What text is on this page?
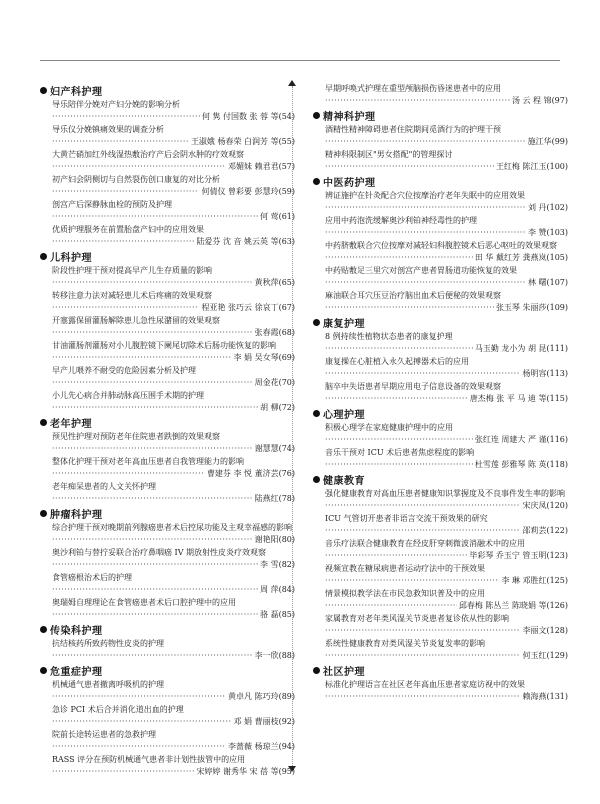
妇产科护理
导乐陪伴分娩对产妇分娩的影响分析
·····
何 隽 付国数 张 蓉 等(54)
导乐仪分娩镇痛效果的调查分析
·····
王淑娥 杨春荣 白润芳 等(55)
大黄芒硝加红外线湿热敷治疗产后会阴水肿的疗效观察
·····
邓媚妹 赖君君(57)
初产妇会阴侧切与自然裂伤创口康复的对比分析
·····
何倩仪 曾彩要 彭慧玲(59)
剖宫产后深静脉血栓的预防及护理
·····
何 莺(61)
优质护理服务在前置胎盘产妇中的应用效果
·····
陆爱芬 沈 音 姚云英 等(63)
儿科护理
阶段性护理干预对提高早产儿生存质量的影响
·····
黄秋萍(65)
转移注意力法对减轻患儿术后疼痛的效果观察
·····
程亚艳 张巧云 徐哀丁(67)
开塞露保留灌肠解除患儿急性尿潴留的效果观察
·····
张春霞(68)
甘油灌肠剂灌肠对小儿腹腔镜下阑尾切除术后肠功能恢复的影响
·····
李 娟 吴女琴(69)
早产儿喂养不耐受的危险因素分析及护理
·····
周金花(70)
小儿先心病合并肺动脉高压围手术期的护理
·····
胡 柳(72)
老年护理
预见性护理对预防老年住院患者跌倒的效果观察
·····
谢慧慧(74)
整体化护理干预对老年高血压患者自我管理能力的影响
·····
曹建芬 李 悦 董济芸(76)
老年痴呆患者的人文关怀护理
·····
陆燕红(78)
肿瘤科护理
综合护理干预对晚期前列腺癌患者术后控尿功能及主观幸福感的影响
·····
谢艳阳(80)
奥沙利铂与替拧妥联合治疗鼻咽癌 IV 期放射性皮炎疗效观察
·····
李 雪(82)
食管癌根治术后的护理
·····
周 萍(84)
奥瑞姆自理理论在食管癌患者术后口腔护理中的应用
·····
骆 磊(85)
传染科护理
抗结核药所致药物性皮炎的护理
·····
李一欣(88)
危重症护理
机械通气患者撤离呼吸机的护理
·····
黄卓凡 陈巧玲(89)
急诊 PCI 术后合并消化道出血的护理
·····
邓 娟 曹丽枝(92)
院前长途转运患者的急救护理
·····
李蔷薇 杨琼兰(94)
RASS 评分在预防机械通气患者非计划性拔管中的应用
·····
宋婷婷 谢秀华 宋 蓓 等(95)
早期呼唤式护理在重型颅脑损伤昏迷患者中的应用
·····
汤 云 程 锦(97)
精神科护理
酒精性精神障碍患者住院期间觅酒行为的护理干预
·····
施江华(99)
精神科限制区"男女搭配"的管理探讨
·····
王红梅 陈江玉(100)
中医药护理
辨证施护在针灸配合穴位按摩治疗老年失眠中的应用效果
·····
刘 丹(102)
应用中药泡洗缓解奥沙利铂神经毒性的护理
·····
李 赞(103)
中药脐敷联合穴位按摩对减轻妇科腹腔镜术后恶心呕吐的效果观察
·····
田 华 戴红芳 龚燕岚(105)
中药贴敷足三里穴对剖宫产患者胃肠道功能恢复的效果
·····
林 曙(107)
麻油联合耳穴压豆治疗脑出血术后便秘的效果观察
·····
张玉琴 朱丽莎(109)
康复护理
8 例持续性植物状态患者的康复护理
·····
马玉勤 龙小为 胡 昆(111)
康复操在心脏植入永久起搏器术后的应用
·····
杨明容(113)
脑卒中失语患者早期应用电子信息设备的效果观察
·····
唐杰梅 张 平 马 迪 等(115)
心理护理
积极心理学在家庭健康护理中的应用
·····
张红连 周建大 严 谨(116)
音乐干预对 ICU 术后患者焦虑程度的影响
·····
杜雪莲 彭雅琴 陈 英(118)
健康教育
强化健康教育对高血压患者健康知识掌握度及不良事件发生率的影响
·····
宋庆凤(120)
ICU 气管切开患者非语言交流干预效果的研究
·····
邵莉芸(122)
音乐疗法联合健康教育在经皮肝穿刺微波消融术中的应用
·····
毕彩琴 乔玉宁 管玉明(123)
视频宣教在糖尿病患者运动疗法中的干预效果
·····
李 琳 邓胜红(125)
情景模拟教学法在市民急救知识普及中的应用
·····
邱春梅 陈丛兰 陈晓娟 等(126)
家属教育对老年类风湿关节炎患者复诊依从性的影响
·····
李丽文(128)
系统性健康教育对类风湿关节炎复发率的影响
·····
何玉红(129)
社区护理
标准化护理语言在社区老年高血压患者家庭访视中的效果
·····
赖海燕(131)
